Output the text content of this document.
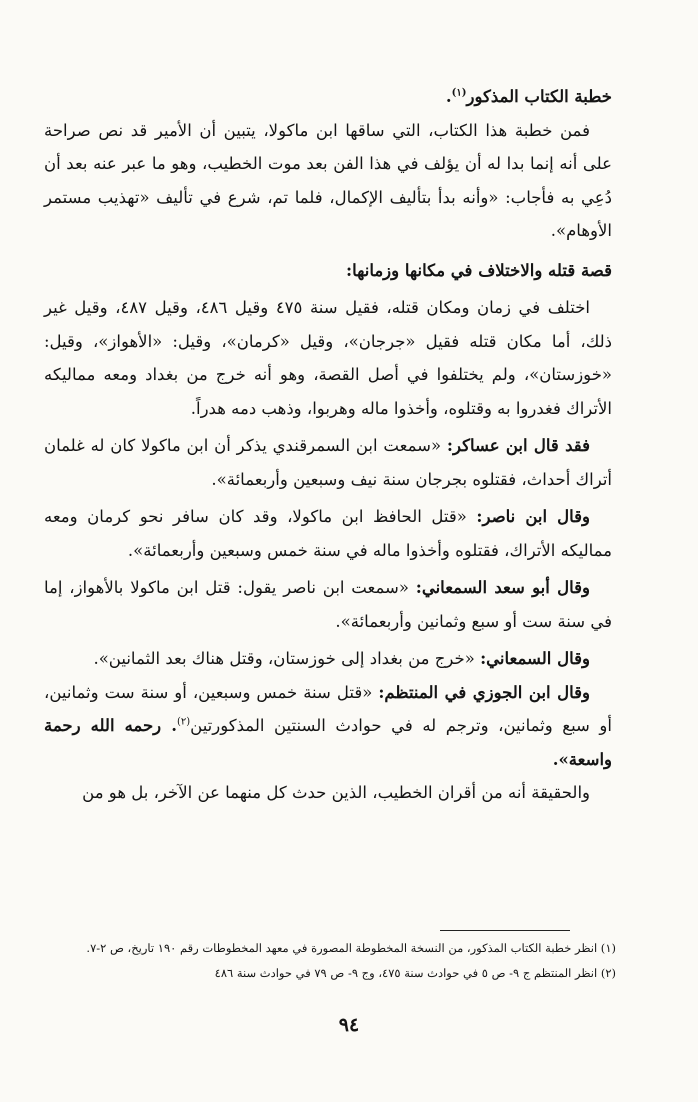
خطبة الكتاب المذكور$^{(١)}$.

فمن خطبة هذا الكتاب، التي ساقها ابن ماكولا، يتبين أن الأمير قد نص صراحة على أنه إنما بدا له أن يؤلف في هذا الفن بعد موت الخطيب، وهو ما عبر عنه بعد أن دُعِي به فأجاب: «وأنه بدأ بتأليف الإكمال، فلما تم، شرع في تأليف «تهذيب مستمر الأوهام».

قصة قتله والاختلاف في مكانها وزمانها:

اختلف في زمان ومكان قتله، فقيل سنة ٤٧٥ وقيل ٤٨٦، وقيل ٤٨٧، وقيل غير ذلك، أما مكان قتله فقيل «جرجان»، وقيل «كرمان»، وقيل: «الأهواز»، وقيل: «خوزستان»، ولم يختلفوا في أصل القصة، وهو أنه خرج من بغداد ومعه مماليكه الأتراك فغدروا به وقتلوه، وأخذوا ماله وهربوا، وذهب دمه هدراً.

فقد قال ابن عساكر: «سمعت ابن السمرقندي يذكر أن ابن ماكولا كان له غلمان أتراك أحداث، فقتلوه بجرجان سنة نيف وسبعين وأربعمائة».

وقال ابن ناصر: «قتل الحافظ ابن ماكولا، وقد كان سافر نحو كرمان ومعه مماليكه الأتراك، فقتلوه وأخذوا ماله في سنة خمس وسبعين وأربعمائة».

وقال أبو سعد السمعاني: «سمعت ابن ناصر يقول: قتل ابن ماكولا بالأهواز، إما في سنة ست أو سبع وثمانين وأربعمائة».

وقال السمعاني: «خرج من بغداد إلى خوزستان، وقتل هناك بعد الثمانين».

وقال ابن الجوزي في المنتظم: «قتل سنة خمس وسبعين، أو سنة ست وثمانين، أو سبع وثمانين، وترجم له في حوادث السنتين المذكورتين$^{(٢)}$. رحمه الله رحمة واسعة».

والحقيقة أنه من أقران الخطيب، الذين حدث كل منهما عن الآخر، بل هو من

(١) انظر خطبة الكتاب المذكور، من النسخة المخطوطة المصورة في معهد المخطوطات رقم ١٩٠ تاريخ، ص ٢-٧.

(٢) انظر المنتظم ج ٩- ص ٥ في حوادث سنة ٤٧٥، وج ٩- ص ٧٩ في حوادث سنة ٤٨٦

٩٤
